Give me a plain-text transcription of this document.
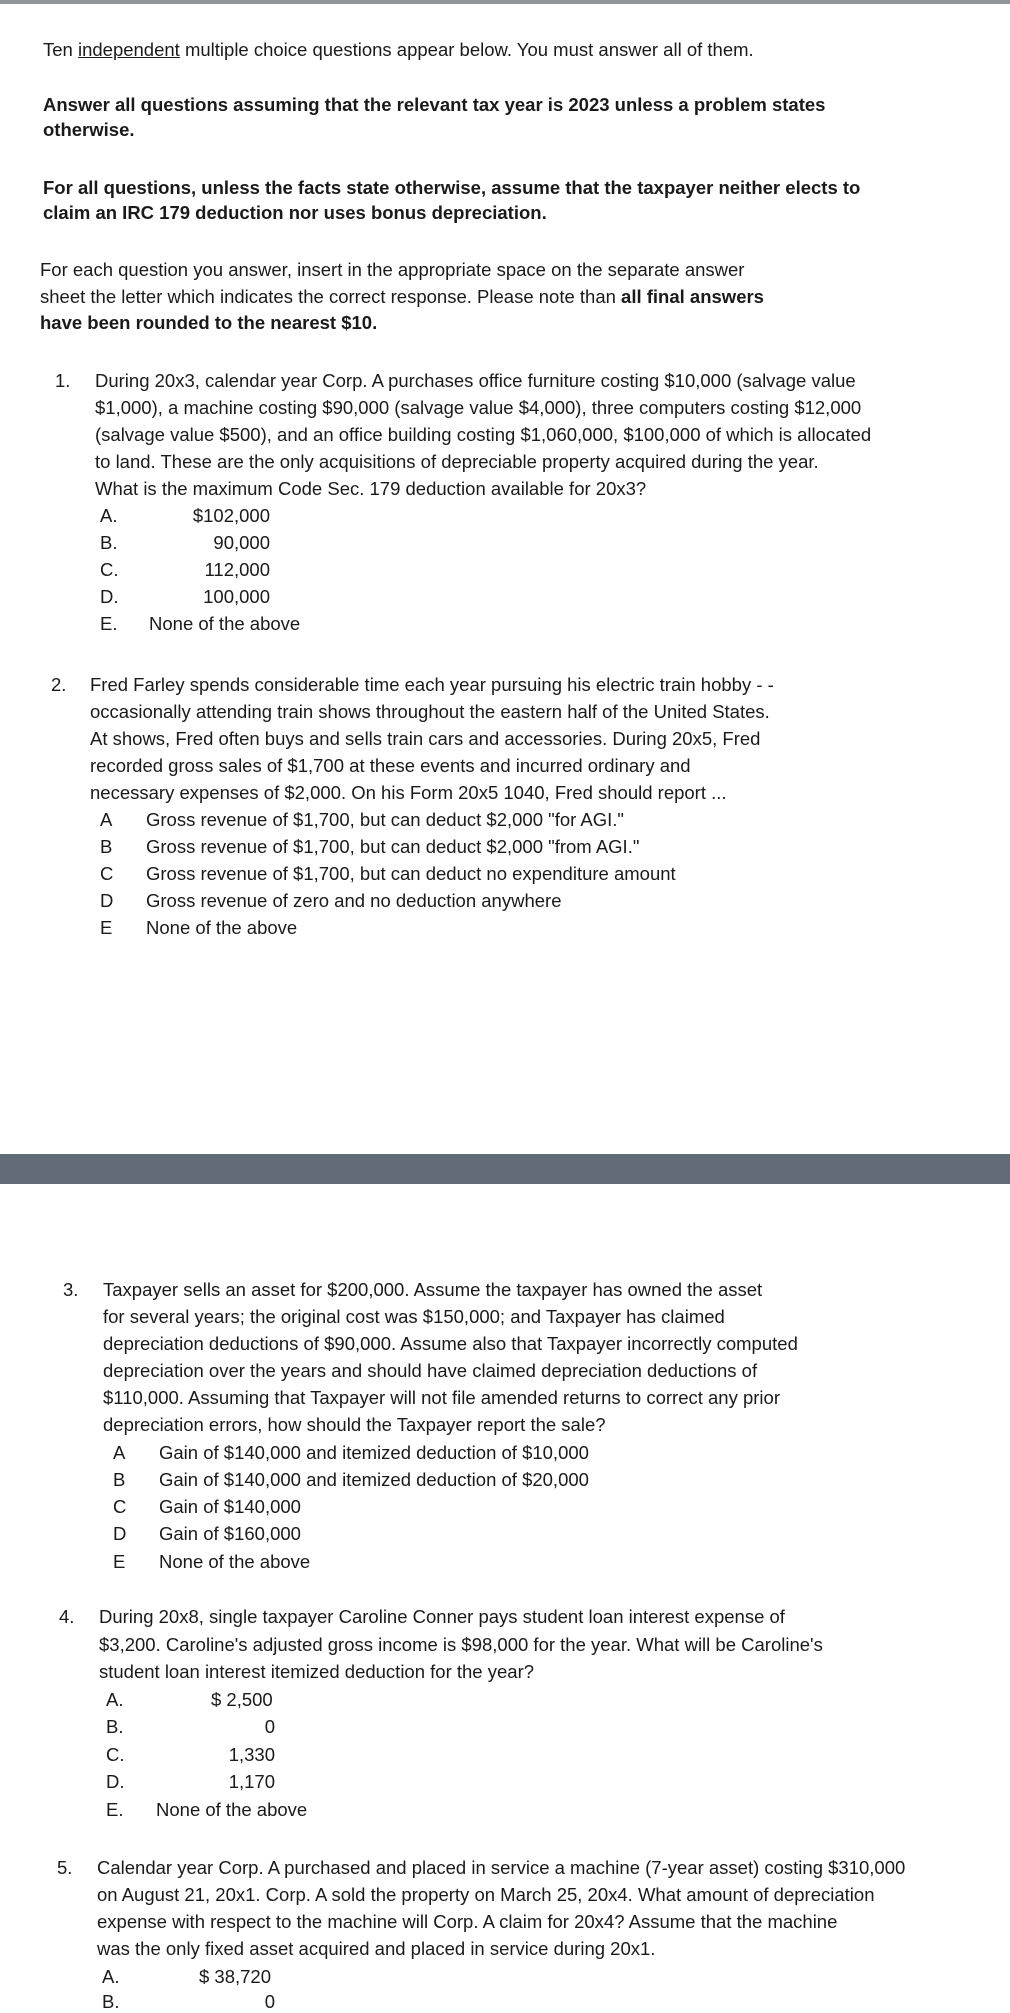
Ten independent multiple choice questions appear below. You must answer all of them.
Answer all questions assuming that the relevant tax year is 2023 unless a problem states
otherwise.
For all questions, unless the facts state otherwise, assume that the taxpayer neither elects to
claim an IRC 179 deduction nor uses bonus depreciation.
For each question you answer, insert in the appropriate space on the separate answer
sheet the letter which indicates the correct response. Please note than all final answers
have been rounded to the nearest $10.
1. During 20x3, calendar year Corp. A purchases office furniture costing $10,000 (salvage value
$1,000), a machine costing $90,000 (salvage value $4,000), three computers costing $12,000
(salvage value $500), and an office building costing $1,060,000, $100,000 of which is allocated
to land. These are the only acquisitions of depreciable property acquired during the year.
What is the maximum Code Sec. 179 deduction available for 20x3?
A.	$102,000
B.	90,000
C.	112,000
D.	100,000
E. None of the above
2. Fred Farley spends considerable time each year pursuing his electric train hobby - -
occasionally attending train shows throughout the eastern half of the United States.
At shows, Fred often buys and sells train cars and accessories. During 20x5, Fred
recorded gross sales of $1,700 at these events and incurred ordinary and
necessary expenses of $2,000. On his Form 20x5 1040, Fred should report ...
A Gross revenue of $1,700, but can deduct $2,000 "for AGI."
B Gross revenue of $1,700, but can deduct $2,000 "from AGI."
C Gross revenue of $1,700, but can deduct no expenditure amount
D Gross revenue of zero and no deduction anywhere
E None of the above
3. Taxpayer sells an asset for $200,000. Assume the taxpayer has owned the asset
for several years; the original cost was $150,000; and Taxpayer has claimed
depreciation deductions of $90,000. Assume also that Taxpayer incorrectly computed
depreciation over the years and should have claimed depreciation deductions of
$110,000. Assuming that Taxpayer will not file amended returns to correct any prior
depreciation errors, how should the Taxpayer report the sale?
A Gain of $140,000 and itemized deduction of $10,000
B Gain of $140,000 and itemized deduction of $20,000
C Gain of $140,000
D Gain of $160,000
E None of the above
4. During 20x8, single taxpayer Caroline Conner pays student loan interest expense of
$3,200. Caroline's adjusted gross income is $98,000 for the year. What will be Caroline's
student loan interest itemized deduction for the year?
A.	$ 2,500
B.	0
C.	1,330
D.	1,170
E. None of the above
5. Calendar year Corp. A purchased and placed in service a machine (7-year asset) costing $310,000
on August 21, 20x1. Corp. A sold the property on March 25, 20x4. What amount of depreciation
expense with respect to the machine will Corp. A claim for 20x4? Assume that the machine
was the only fixed asset acquired and placed in service during 20x1.
A.	$ 38,720
B.	0
